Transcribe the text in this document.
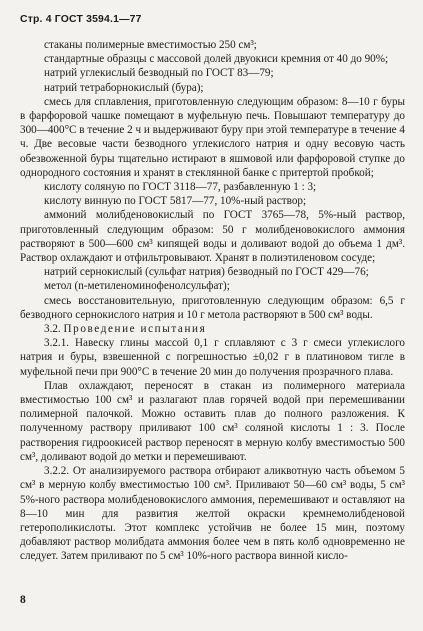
Стр. 4 ГОСТ 3594.1—77

стаканы полимерные вместимостью 250 см³;

стандартные образцы с массовой долей двуокиси кремния от 40 до 90%;

натрий углекислый безводный по ГОСТ 83—79;

натрий тетраборнокислый (бура);

смесь для сплавления, приготовленную следующим образом: 8—10 г буры в фарфоровой чашке помещают в муфельную печь. Повышают температуру до 300—400°С в течение 2 ч и выдерживают буру при этой температуре в течение 4 ч. Две весовые части безводного углекислого натрия и одну весовую часть обезвоженной буры тщательно истирают в яшмовой или фарфоровой ступке до однородного состояния и хранят в стеклянной банке с притертой пробкой;

кислоту соляную по ГОСТ 3118—77, разбавленную 1 : 3;

кислоту винную по ГОСТ 5817—77, 10%-ный раствор;

аммоний молибденовокислый по ГОСТ 3765—78, 5%-ный раствор, приготовленный следующим образом: 50 г молибденовокислого аммония растворяют в 500—600 см³ кипящей воды и доливают водой до объема 1 дм³. Раствор охлаждают и отфильтровывают. Хранят в полиэтиленовом сосуде;

натрий сернокислый (сульфат натрия) безводный по ГОСТ 429—76;

метол (n-метиленоминофенолсульфат);

смесь восстановительную, приготовленную следующим образом: 6,5 г безводного сернокислого натрия и 10 г метола растворяют в 500 см³ воды.

3.2. Проведение испытания

3.2.1. Навеску глины массой 0,1 г сплавляют с 3 г смеси углекислого натрия и буры, взвешенной с погрешностью ±0,02 г в платиновом тигле в муфельной печи при 900°С в течение 20 мин до получения прозрачного плава.

Плав охлаждают, переносят в стакан из полимерного материала вместимостью 100 см³ и разлагают плав горячей водой при перемешивании полимерной палочкой. Можно оставить плав до полного разложения. К полученному раствору приливают 100 см³ соляной кислоты 1 : 3. После растворения гидроокисей раствор переносят в мерную колбу вместимостью 500 см³, доливают водой до метки и перемешивают.

3.2.2. От анализируемого раствора отбирают аликвотную часть объемом 5 см³ в мерную колбу вместимостью 100 см³. Приливают 50—60 см³ воды, 5 см³ 5%-ного раствора молибденовокислого аммония, перемешивают и оставляют на 8—10 мин для развития желтой окраски кремнемолибденовой гетерополикислоты. Этот комплекс устойчив не более 15 мин, поэтому добавляют раствор молибдата аммония более чем в пять колб одновременно не следует. Затем приливают по 5 см³ 10%-ного раствора винной кисло-

8
